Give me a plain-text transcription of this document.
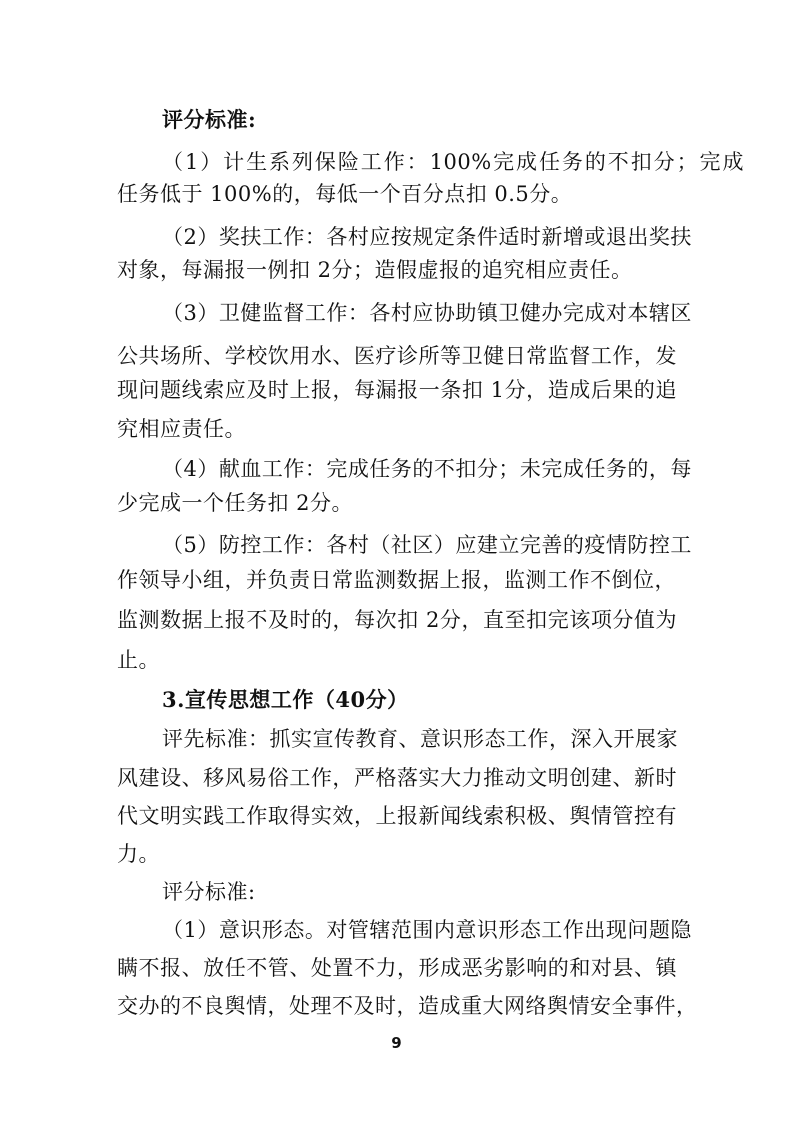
评分标准:
（1）计生系列保险工作：100%完成任务的不扣分；完成
任务低于 100%的，每低一个百分点扣 0.5分。
（2）奖扶工作：各村应按规定条件适时新增或退出奖扶
对象，每漏报一例扣 2分；造假虚报的追究相应责任。
（3）卫健监督工作：各村应协助镇卫健办完成对本辖区
公共场所、学校饮用水、医疗诊所等卫健日常监督工作，发
现问题线索应及时上报，每漏报一条扣 1分，造成后果的追
究相应责任。
（4）献血工作：完成任务的不扣分；未完成任务的，每
少完成一个任务扣 2分。
（5）防控工作：各村（社区）应建立完善的疫情防控工
作领导小组，并负责日常监测数据上报，监测工作不倒位，
监测数据上报不及时的，每次扣 2分，直至扣完该项分值为
止。
3.宣传思想工作（40分）
评先标准：抓实宣传教育、意识形态工作，深入开展家
风建设、移风易俗工作，严格落实大力推动文明创建、新时
代文明实践工作取得实效，上报新闻线索积极、舆情管控有
力。
评分标准:
（1）意识形态。对管辖范围内意识形态工作出现问题隐
瞒不报、放任不管、处置不力，形成恶劣影响的和对县、镇
交办的不良舆情，处理不及时，造成重大网络舆情安全事件，
9
